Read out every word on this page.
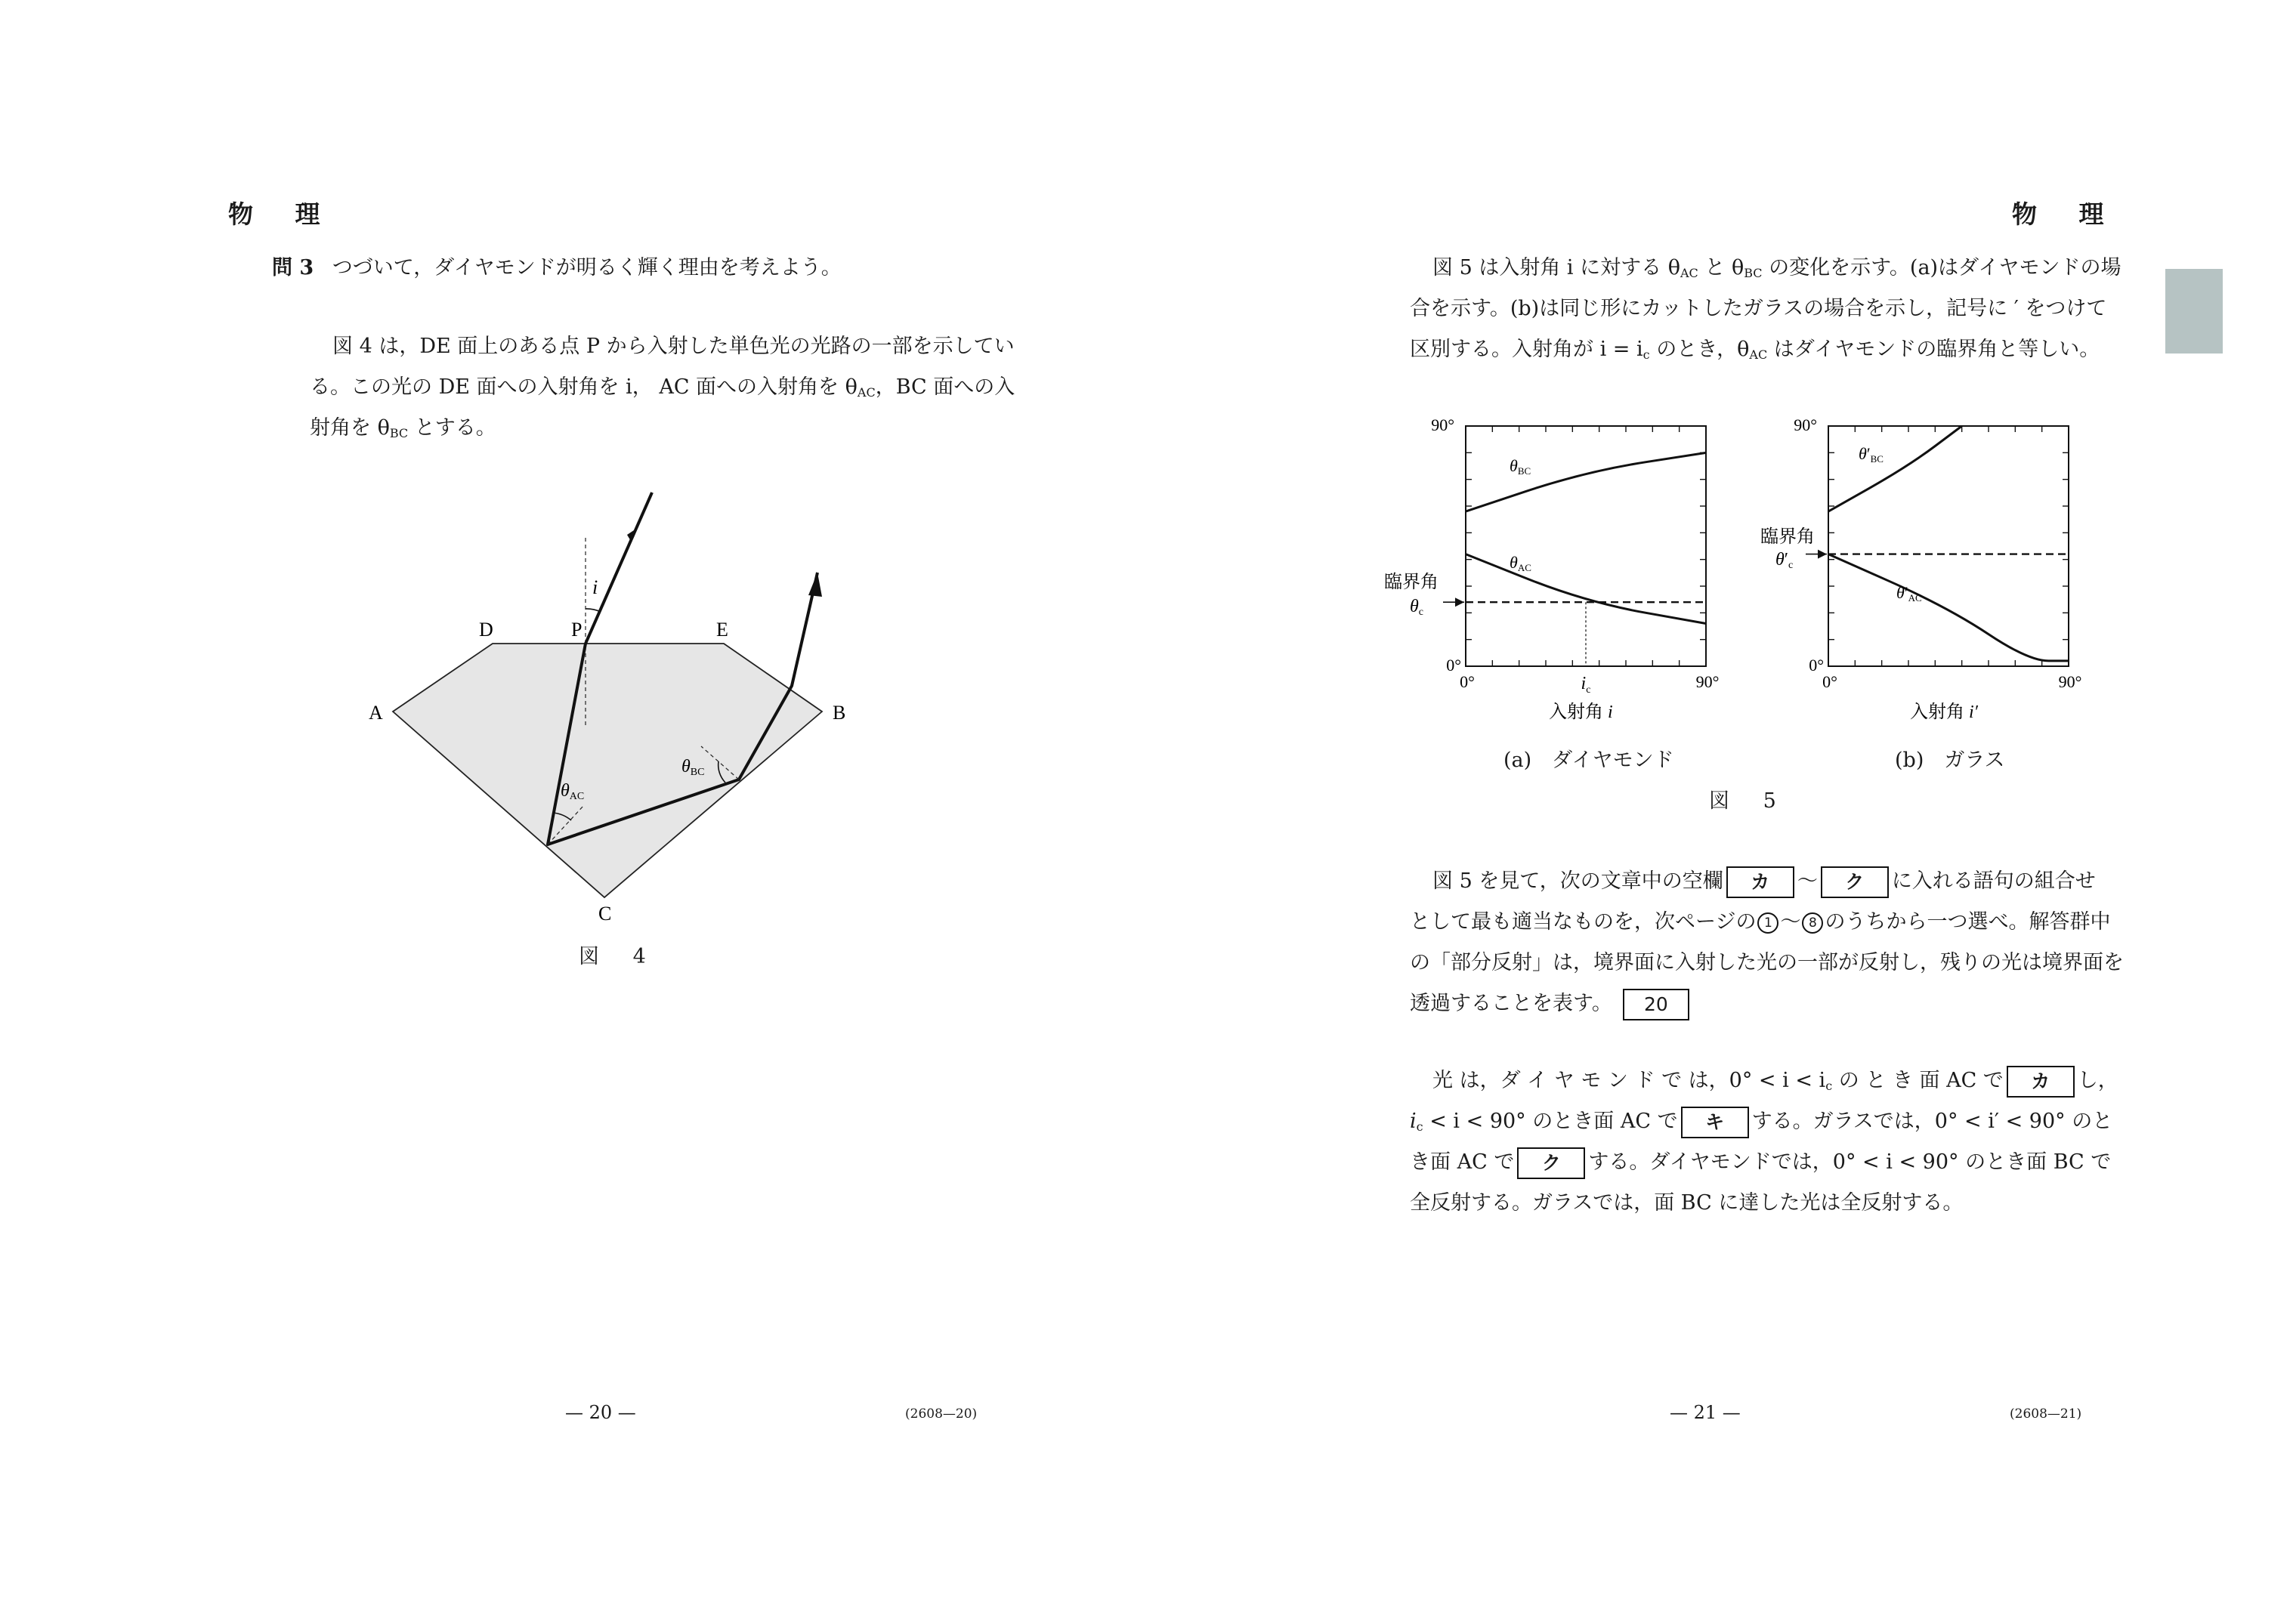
物 理
問 3 つづいて，ダイヤモンドが明るく輝く理由を考えよう。
図 4 は，DE 面上のある点 P から入射した単色光の光路の一部を示してい
る。この光の DE 面への入射角を i， AC 面への入射角を $\theta_{AC}$，BC 面への入
射角を $\theta_{BC}$ とする。
D	P	E
A	B
C
i
θAC
θBC
図 4
— 20 —	(2608—20)
物 理
図 5 は入射角 i に対する $\theta_{AC}$ と $\theta_{BC}$ の変化を示す。(a)はダイヤモンドの場
合を示す。(b)は同じ形にカットしたガラスの場合を示し，記号に ′ をつけて
区別する。入射角が $i = i_c$ のとき，$\theta_{AC}$ はダイヤモンドの臨界角と等しい。
90°
0°
0°	90°
$i_c$
入射角 i
臨界角
θc
θBC
θAC
90°
0°
0°	90°
入射角 i′
臨界角
θ′c
θ′BC
θ′AC
(a)　ダイヤモンド	(b)　ガラス
図 5
図 5 を見て，次の文章中の空欄 カ ～ ク に入れる語句の組合せ
として最も適当なものを，次ページの 1 ～ 8 のうちから一つ選べ。解答群中
の「部分反射」は，境界面に入射した光の一部が反射し，残りの光は境界面を
透過することを表す。 20
光 は，ダ イ ヤ モ ン ド で は，$0^\circ < i < i_c$ の と き 面 AC で カ し，
$i_c < i < 90^\circ$ のとき面 AC で キ する。ガラスでは，0° < i′ < 90° のと
き面 AC で ク する。ダイヤモンドでは，0° < i < 90° のとき面 BC で
全反射する。ガラスでは，面 BC に達した光は全反射する。
— 21 —	(2608—21)
